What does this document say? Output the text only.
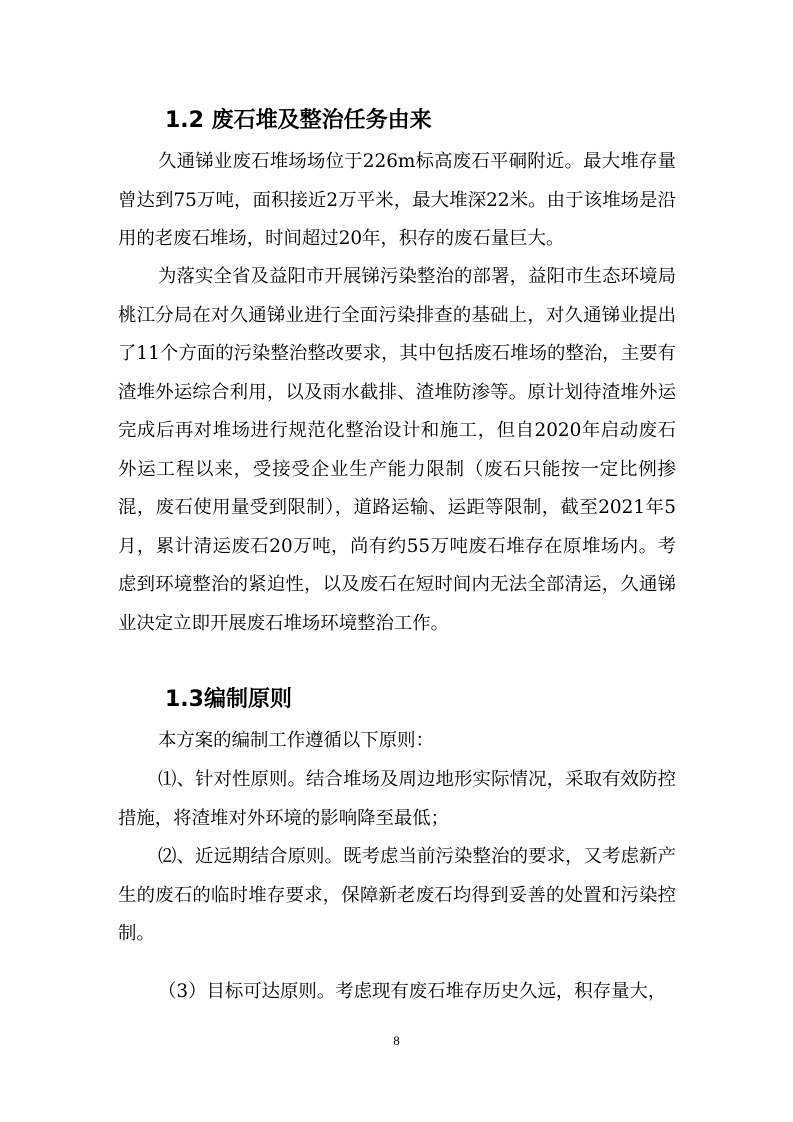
1.2 废石堆及整治任务由来

久通锑业废石堆场场位于226m标高废石平硐附近。最大堆存量曾达到75万吨，面积接近2万平米，最大堆深22米。由于该堆场是沿用的老废石堆场，时间超过20年，积存的废石量巨大。

为落实全省及益阳市开展锑污染整治的部署，益阳市生态环境局桃江分局在对久通锑业进行全面污染排查的基础上，对久通锑业提出了11个方面的污染整治整改要求，其中包括废石堆场的整治，主要有渣堆外运综合利用，以及雨水截排、渣堆防渗等。原计划待渣堆外运完成后再对堆场进行规范化整治设计和施工，但自2020年启动废石外运工程以来，受接受企业生产能力限制（废石只能按一定比例掺混，废石使用量受到限制），道路运输、运距等限制，截至2021年5月，累计清运废石20万吨，尚有约55万吨废石堆存在原堆场内。考虑到环境整治的紧迫性，以及废石在短时间内无法全部清运，久通锑业决定立即开展废石堆场环境整治工作。

1.3编制原则

本方案的编制工作遵循以下原则：

⑴、针对性原则。结合堆场及周边地形实际情况，采取有效防控措施，将渣堆对外环境的影响降至最低；

⑵、近远期结合原则。既考虑当前污染整治的要求，又考虑新产生的废石的临时堆存要求，保障新老废石均得到妥善的处置和污染控制。

（3）目标可达原则。考虑现有废石堆存历史久远，积存量大，

8
